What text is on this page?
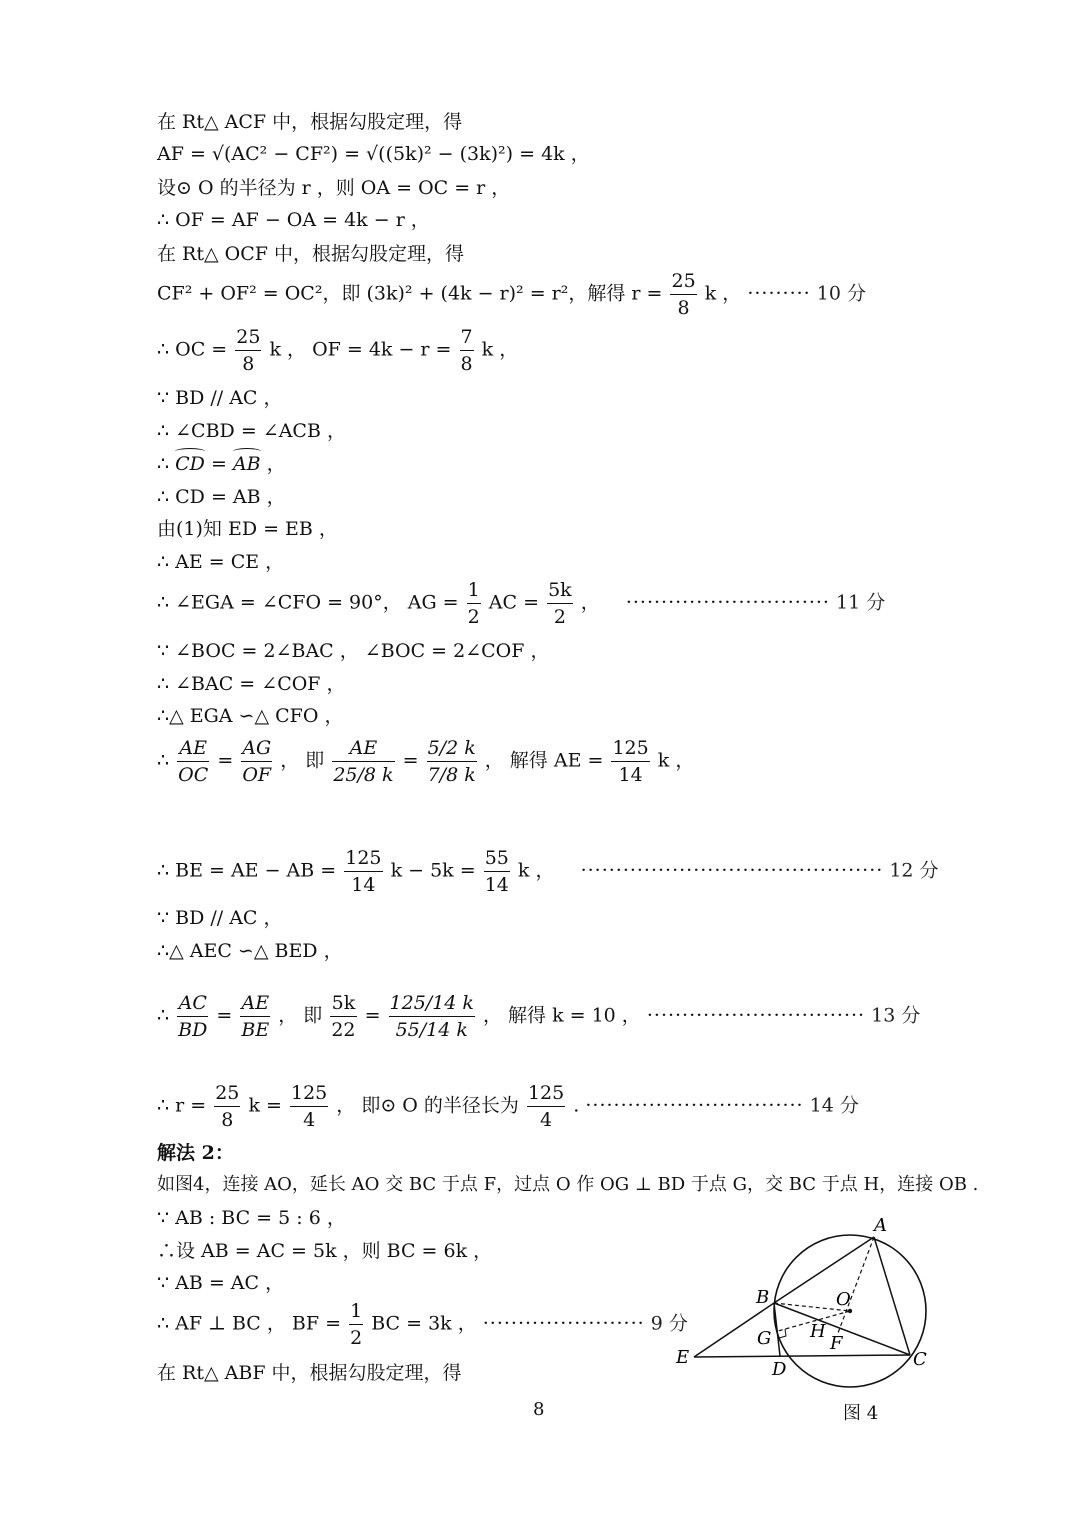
在 Rt△ ACF 中，根据勾股定理，得
AF = √(AC² − CF²) = √((5k)² − (3k)²) = 4k ，
设⊙ O 的半径为 r ，则 OA = OC = r ，
∴ OF = AF − OA = 4k − r ，
在 Rt△ OCF 中，根据勾股定理，得
CF² + OF² = OC²，即 (3k)² + (4k − r)² = r²，解得 $r = \frac{25}{8}$ k ， ········· 10 分
∴ OC = $\frac{25}{8}$ k ， OF = $4k - r = \frac{7}{8}$ k ，
∵ BD // AC ，
∴ ∠CBD = ∠ACB ，
∴ CD = AB ，
∴ CD = AB ，
由(1)知 ED = EB ，
∴ AE = CE ，
∴ ∠EGA = ∠CFO = 90°， AG = $\frac{1}{2}$ AC = $\frac{5k}{2}$ ， ····························· 11 分
∵ ∠BOC = 2∠BAC ， ∠BOC = 2∠COF ，
∴ ∠BAC = ∠COF ，
∴△ EGA ∽△ CFO ，
∴ $\frac{AE}{OC} = \frac{AG}{OF}$ ， 即 $\frac{AE}{25/8 k} = \frac{5/2 k}{7/8 k}$ ， 解得 AE = $\frac{125}{14}$ k ，
∴ BE = AE − AB = $\frac{125}{14}$ $k - 5k = \frac{55}{14}$ k ， ··········································· 12 分
∵ BD // AC ，
∴△ AEC ∽△ BED ，
∴ $\frac{AC}{BD} = \frac{AE}{BE}$ ， 即 $\frac{5k}{22} = \frac{125/14 k}{55/14 k}$ ， 解得 k = 10 ， ······························· 13 分
∴ $r = \frac{25}{8}$ $k = \frac{125}{4}$ ， 即⊙ O 的半径长为 $\frac{125}{4}$ . ······························· 14 分
解法 2：
如图4，连接 AO，延长 AO 交 BC 于点 F，过点 O 作 OG ⊥ BD 于点 G，交 BC 于点 H，连接 OB .
∵ AB : BC = 5 : 6 ，
∴设 AB = AC = 5k ，则 BC = 6k ，
∵ AB = AC ，
∴ AF ⊥ BC ， BF = $\frac{1}{2}$ BC = 3k ， ······················· 9 分
在 Rt△ ABF 中，根据勾股定理，得
A
B	O
G H
F
E
D	C
8	图 4
